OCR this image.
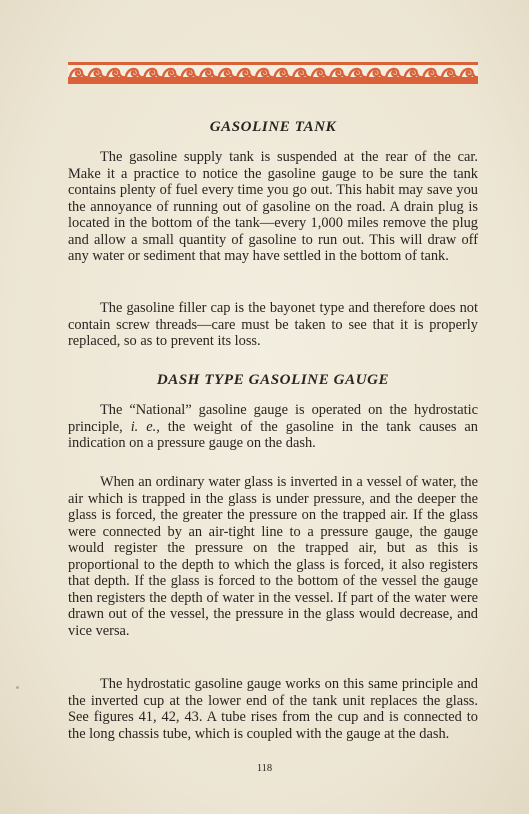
GASOLINE TANK

The gasoline supply tank is suspended at the rear of the car. Make it a practice to notice the gasoline gauge to be sure the tank contains plenty of fuel every time you go out. This habit may save you the annoyance of running out of gasoline on the road. A drain plug is located in the bottom of the tank—every 1,000 miles remove the plug and allow a small quantity of gasoline to run out. This will draw off any water or sediment that may have settled in the bottom of tank.

The gasoline filler cap is the bayonet type and therefore does not contain screw threads—care must be taken to see that it is properly replaced, so as to prevent its loss.

DASH TYPE GASOLINE GAUGE

The “National” gasoline gauge is operated on the hydrostatic principle, i. e., the weight of the gasoline in the tank causes an indication on a pressure gauge on the dash.

When an ordinary water glass is inverted in a vessel of water, the air which is trapped in the glass is under pressure, and the deeper the glass is forced, the greater the pressure on the trapped air. If the glass were connected by an air-tight line to a pressure gauge, the gauge would register the pressure on the trapped air, but as this is proportional to the depth to which the glass is forced, it also registers that depth. If the glass is forced to the bottom of the vessel the gauge then registers the depth of water in the vessel. If part of the water were drawn out of the vessel, the pressure in the glass would decrease, and vice versa.

The hydrostatic gasoline gauge works on this same principle and the inverted cup at the lower end of the tank unit replaces the glass. See figures 41, 42, 43. A tube rises from the cup and is connected to the long chassis tube, which is coupled with the gauge at the dash.

118
